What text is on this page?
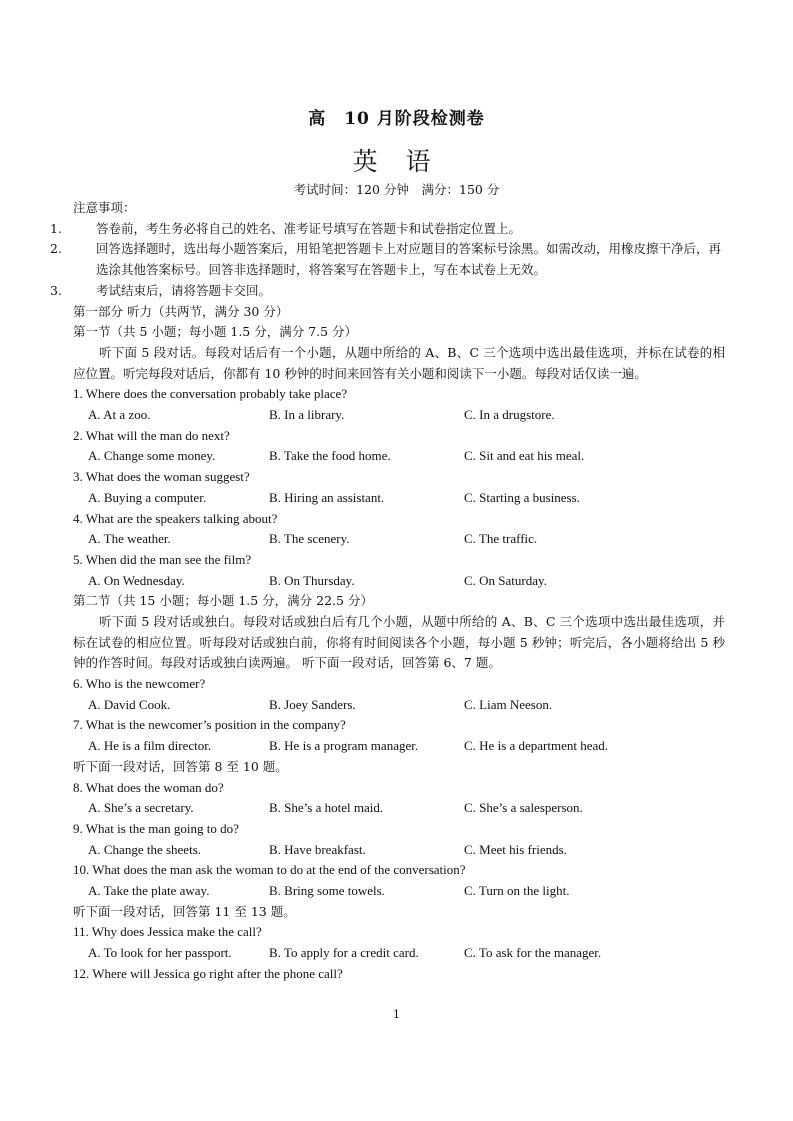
高　10 月阶段检测卷
英 语
考试时间：120 分钟　满分：150 分
注意事项：
1.	答卷前，考生务必将自己的姓名、准考证号填写在答题卡和试卷指定位置上。
2.	回答选择题时，选出每小题答案后，用铅笔把答题卡上对应题目的答案标号涂黑。如需改动，用橡皮擦干净后，再选涂其他答案标号。回答非选择题时，将答案写在答题卡上，写在本试卷上无效。
3.	考试结束后，请将答题卡交回。
第一部分 听力（共两节，满分 30 分）
第一节（共 5 小题；每小题 1.5 分，满分 7.5 分）
听下面 5 段对话。每段对话后有一个小题，从题中所给的 A、B、C 三个选项中选出最佳选项，并标在试卷的相应位置。听完每段对话后，你都有 10 秒钟的时间来回答有关小题和阅读下一小题。每段对话仅读一遍。
1. Where does the conversation probably take place?
A. At a zoo.	B. In a library.	C. In a drugstore.
2. What will the man do next?
A. Change some money.	B. Take the food home.	C. Sit and eat his meal.
3. What does the woman suggest?
A. Buying a computer.	B. Hiring an assistant.	C. Starting a business.
4. What are the speakers talking about?
A. The weather.	B. The scenery.	C. The traffic.
5. When did the man see the film?
A. On Wednesday.	B. On Thursday.	C. On Saturday.
第二节（共 15 小题；每小题 1.5 分，满分 22.5 分）
听下面 5 段对话或独白。每段对话或独白后有几个小题，从题中所给的 A、B、C 三个选项中选出最佳选项，并标在试卷的相应位置。听每段对话或独白前，你将有时间阅读各个小题，每小题 5 秒钟；听完后，各小题将给出 5 秒钟的作答时间。每段对话或独白读两遍。 听下面一段对话，回答第 6、7 题。
6. Who is the newcomer?
A. David Cook.	B. Joey Sanders.	C. Liam Neeson.
7. What is the newcomer’s position in the company?
A. He is a film director.	B. He is a program manager.	C. He is a department head.
听下面一段对话，回答第 8 至 10 题。
8. What does the woman do?
A. She’s a secretary.	B. She’s a hotel maid.	C. She’s a salesperson.
9. What is the man going to do?
A. Change the sheets.	B. Have breakfast.	C. Meet his friends.
10. What does the man ask the woman to do at the end of the conversation?
A. Take the plate away.	B. Bring some towels.	C. Turn on the light.
听下面一段对话，回答第 11 至 13 题。
11. Why does Jessica make the call?
A. To look for her passport.	B. To apply for a credit card.	C. To ask for the manager.
12. Where will Jessica go right after the phone call?
1
